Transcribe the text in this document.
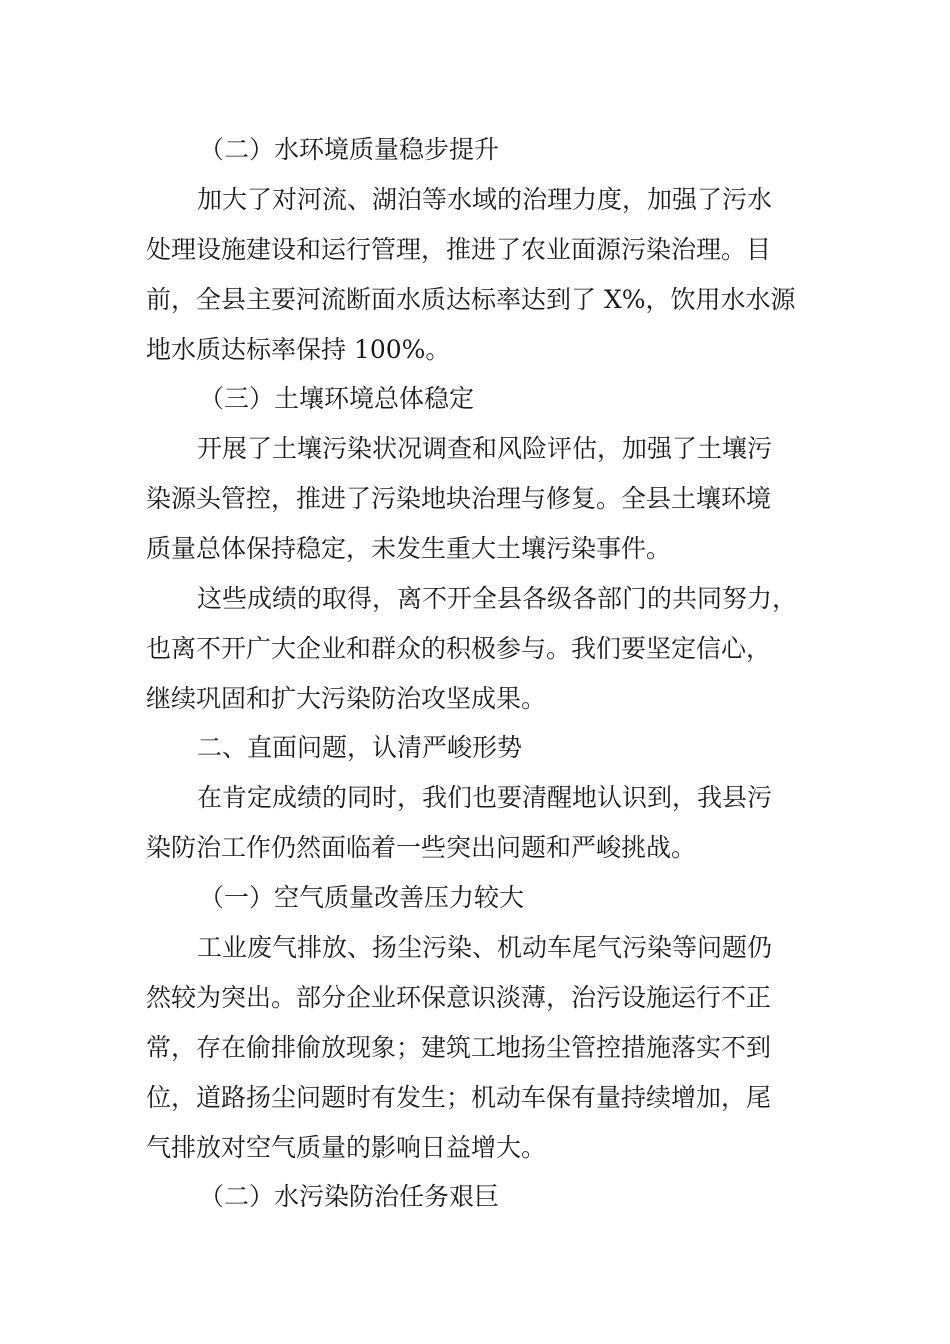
（二）水环境质量稳步提升
加大了对河流、湖泊等水域的治理力度，加强了污水
处理设施建设和运行管理，推进了农业面源污染治理。目
前，全县主要河流断面水质达标率达到了 X%，饮用水水源
地水质达标率保持 100%。
（三）土壤环境总体稳定
开展了土壤污染状况调查和风险评估，加强了土壤污
染源头管控，推进了污染地块治理与修复。全县土壤环境
质量总体保持稳定，未发生重大土壤污染事件。
这些成绩的取得，离不开全县各级各部门的共同努力，
也离不开广大企业和群众的积极参与。我们要坚定信心，
继续巩固和扩大污染防治攻坚成果。
二、直面问题，认清严峻形势
在肯定成绩的同时，我们也要清醒地认识到，我县污
染防治工作仍然面临着一些突出问题和严峻挑战。
（一）空气质量改善压力较大
工业废气排放、扬尘污染、机动车尾气污染等问题仍
然较为突出。部分企业环保意识淡薄，治污设施运行不正
常，存在偷排偷放现象；建筑工地扬尘管控措施落实不到
位，道路扬尘问题时有发生；机动车保有量持续增加，尾
气排放对空气质量的影响日益增大。
（二）水污染防治任务艰巨
